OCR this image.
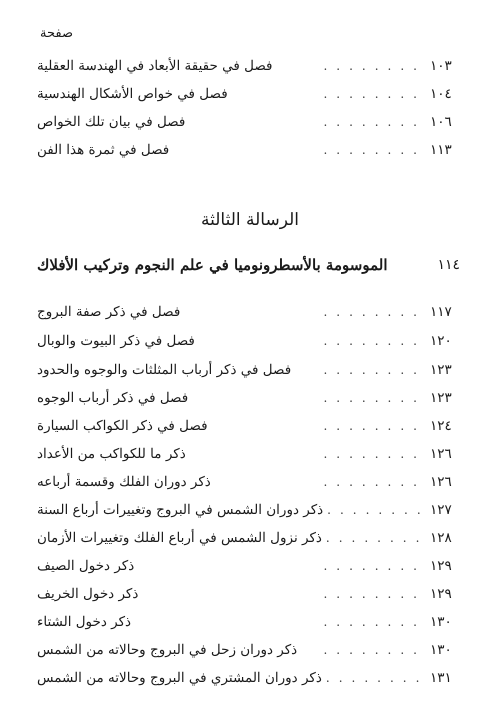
صفحة
فصل في حقيقة الأبعاد في الهندسة العقلية	........ ١٠٣
فصل في خواص الأشكال الهندسية	........ ١٠٤
فصل في بيان تلك الخواص	........ ١٠٦
فصل في ثمرة هذا الفن	........ ١١٣
الرسالة الثالثة
الموسومة بالأسطرونوميا في علم النجوم وتركيب الأفلاك	١١٤
فصل في ذكر صفة البروج	........ ١١٧
فصل في ذكر البيوت والوبال	........ ١٢٠
فصل في ذكر أرباب المثلثات والوجوه والحدود	........ ١٢٣
فصل في ذكر أرباب الوجوه	........ ١٢٣
فصل في ذكر الكواكب السيارة	........ ١٢٤
ذكر ما للكواكب من الأعداد	........ ١٢٦
ذكر دوران الفلك وقسمة أرباعه	........ ١٢٦
ذكر دوران الشمس في البروج وتغييرات أرباع السنة ........ ١٢٧
ذكر نزول الشمس في أرباع الفلك وتغييرات الأزمان ........ ١٢٨
ذكر دخول الصيف	........ ١٢٩
ذكر دخول الخريف	........ ١٢٩
ذكر دخول الشتاء	........ ١٣٠
ذكر دوران زحل في البروج وحالاته من الشمس	........ ١٣٠
ذكر دوران المشتري في البروج وحالاته من الشمس ........ ١٣١
